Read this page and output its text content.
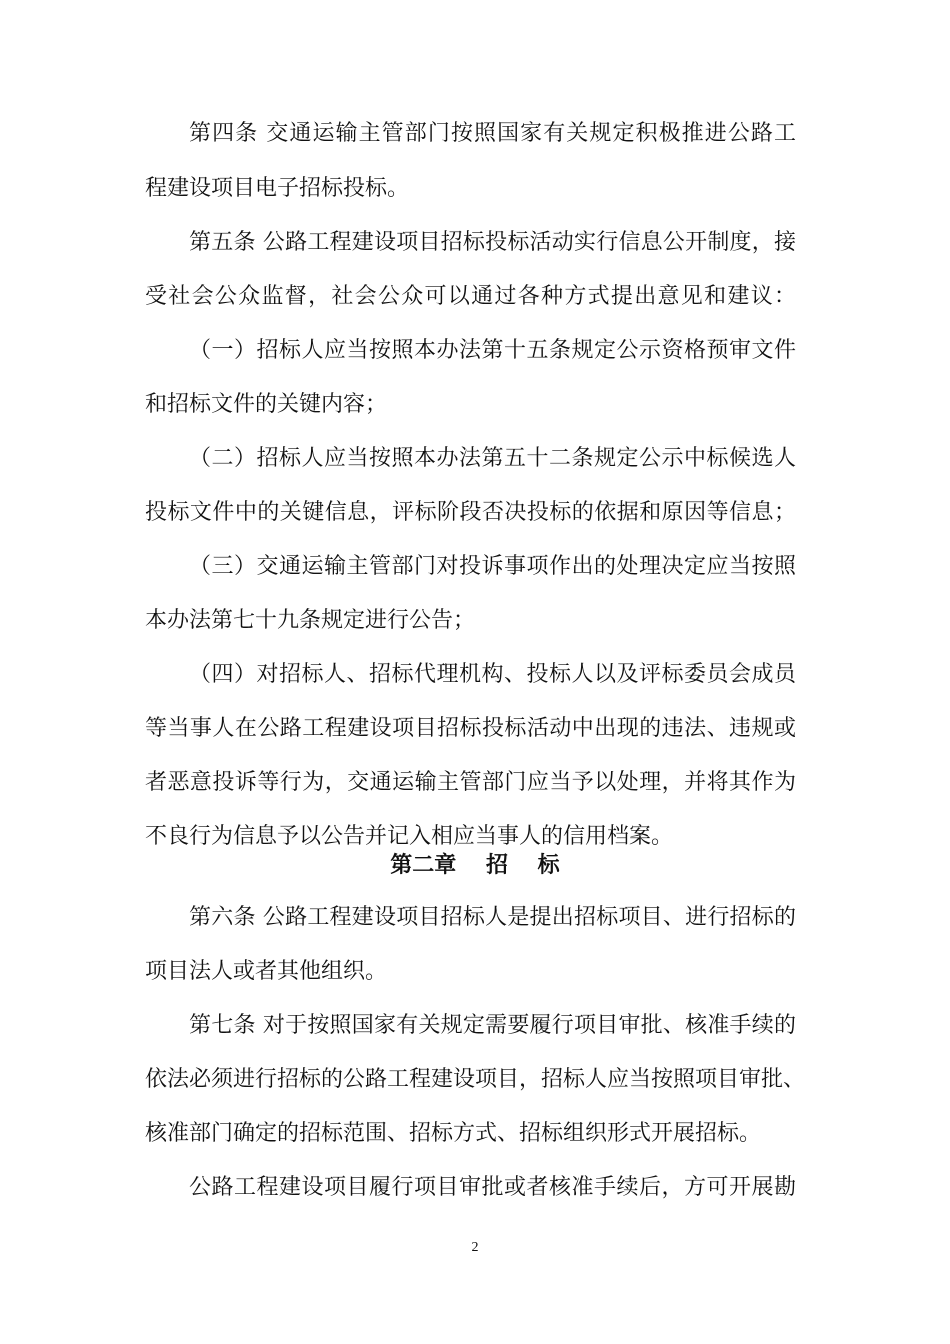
第四条 交通运输主管部门按照国家有关规定积极推进公路工
程建设项目电子招标投标。
第五条 公路工程建设项目招标投标活动实行信息公开制度，接
受社会公众监督，社会公众可以通过各种方式提出意见和建议：
（一）招标人应当按照本办法第十五条规定公示资格预审文件
和招标文件的关键内容；
（二）招标人应当按照本办法第五十二条规定公示中标候选人
投标文件中的关键信息，评标阶段否决投标的依据和原因等信息；
（三）交通运输主管部门对投诉事项作出的处理决定应当按照
本办法第七十九条规定进行公告；
（四）对招标人、招标代理机构、投标人以及评标委员会成员
等当事人在公路工程建设项目招标投标活动中出现的违法、违规或
者恶意投诉等行为，交通运输主管部门应当予以处理，并将其作为
不良行为信息予以公告并记入相应当事人的信用档案。
第二章 招 标
第六条 公路工程建设项目招标人是提出招标项目、进行招标的
项目法人或者其他组织。
第七条 对于按照国家有关规定需要履行项目审批、核准手续的
依法必须进行招标的公路工程建设项目，招标人应当按照项目审批、
核准部门确定的招标范围、招标方式、招标组织形式开展招标。
公路工程建设项目履行项目审批或者核准手续后，方可开展勘
2
